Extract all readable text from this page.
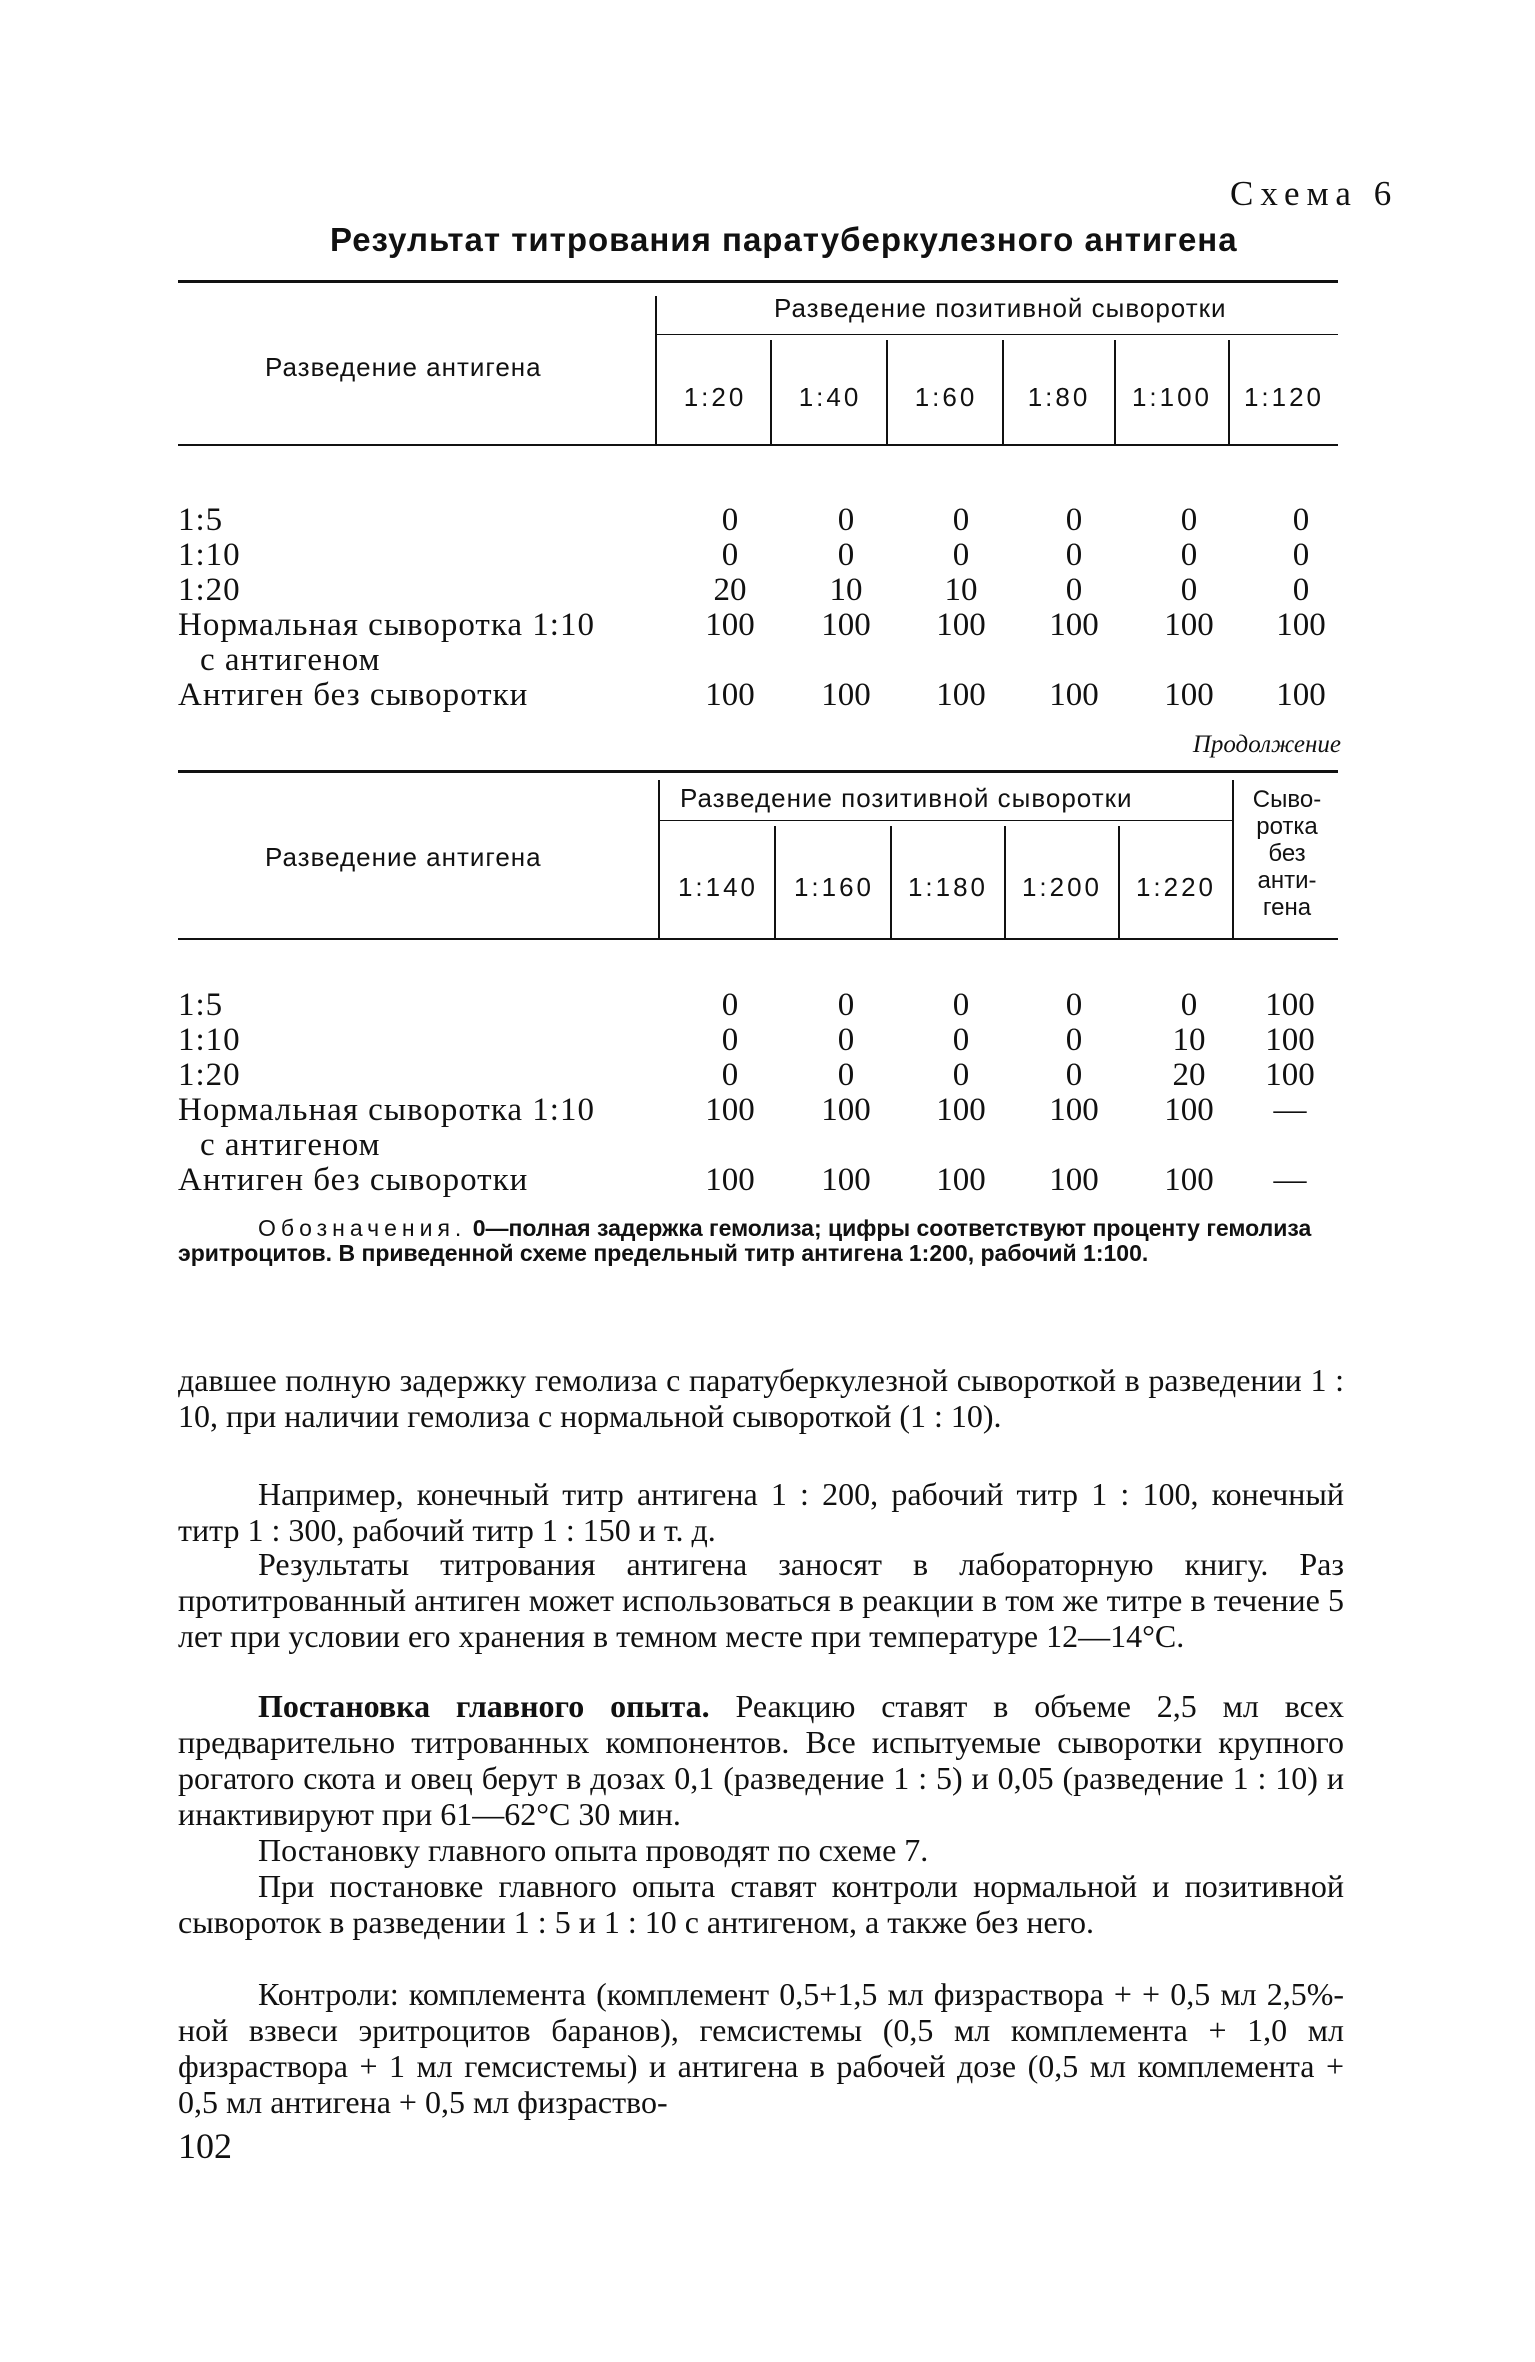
Схема 6
Результат титрования паратуберкулезного антигена
Разведение антигена
Разведение позитивной сыворотки
1:20	1:40	1:60	1:80	1:100	1:120
1:5	0	0	0	0	0	0
1:10	0	0	0	0	0	0
1:20	20	10	10	0	0	0
Нормальная сыворотка 1:10	100	100	100	100	100	100
с антигеном
Антиген без сыворотки	100	100	100	100	100	100
Продолжение
Разведение антигена
Разведение позитивной сыворотки
1:140	1:160	1:180	1:200	1:220
Сыво-
ротка
без
анти-
гена
1:5	0	0	0	0	0	100
1:10	0	0	0	0	10	100
1:20	0	0	0	0	20	100
Нормальная сыворотка 1:10	100	100	100	100	100	—
с антигеном
Антиген без сыворотки	100	100	100	100	100	—
Обозначения. 0—полная задержка гемолиза; цифры соответствуют проценту гемолиза эритроцитов. В приведенной схеме предельный титр антигена 1:200, рабочий 1:100.
давшее полную задержку гемолиза с паратуберкулезной сывороткой в разведении 1 : 10, при наличии гемолиза с нормальной сывороткой (1 : 10).
Например, конечный титр антигена 1 : 200, рабочий титр 1 : 100, конечный титр 1 : 300, рабочий титр 1 : 150 и т. д.
Результаты титрования антигена заносят в лабораторную книгу. Раз протитрованный антиген может использоваться в реакции в том же титре в течение 5 лет при условии его хранения в темном месте при температуре 12—14°С.
Постановка главного опыта. Реакцию ставят в объеме 2,5 мл всех предварительно титрованных компонентов. Все испытуемые сыворотки крупного рогатого скота и овец берут в дозах 0,1 (разведение 1 : 5) и 0,05 (разведение 1 : 10) и инактивируют при 61—62°С 30 мин.
Постановку главного опыта проводят по схеме 7.
При постановке главного опыта ставят контроли нормальной и позитивной сывороток в разведении 1 : 5 и 1 : 10 с антигеном, а также без него.
Контроли: комплемента (комплемент 0,5+1,5 мл физраствора + + 0,5 мл 2,5%-ной взвеси эритроцитов баранов), гемсистемы (0,5 мл комплемента + 1,0 мл физраствора + 1 мл гемсистемы) и антигена в рабочей дозе (0,5 мл комплемента + 0,5 мл антигена + 0,5 мл физраство-
102
